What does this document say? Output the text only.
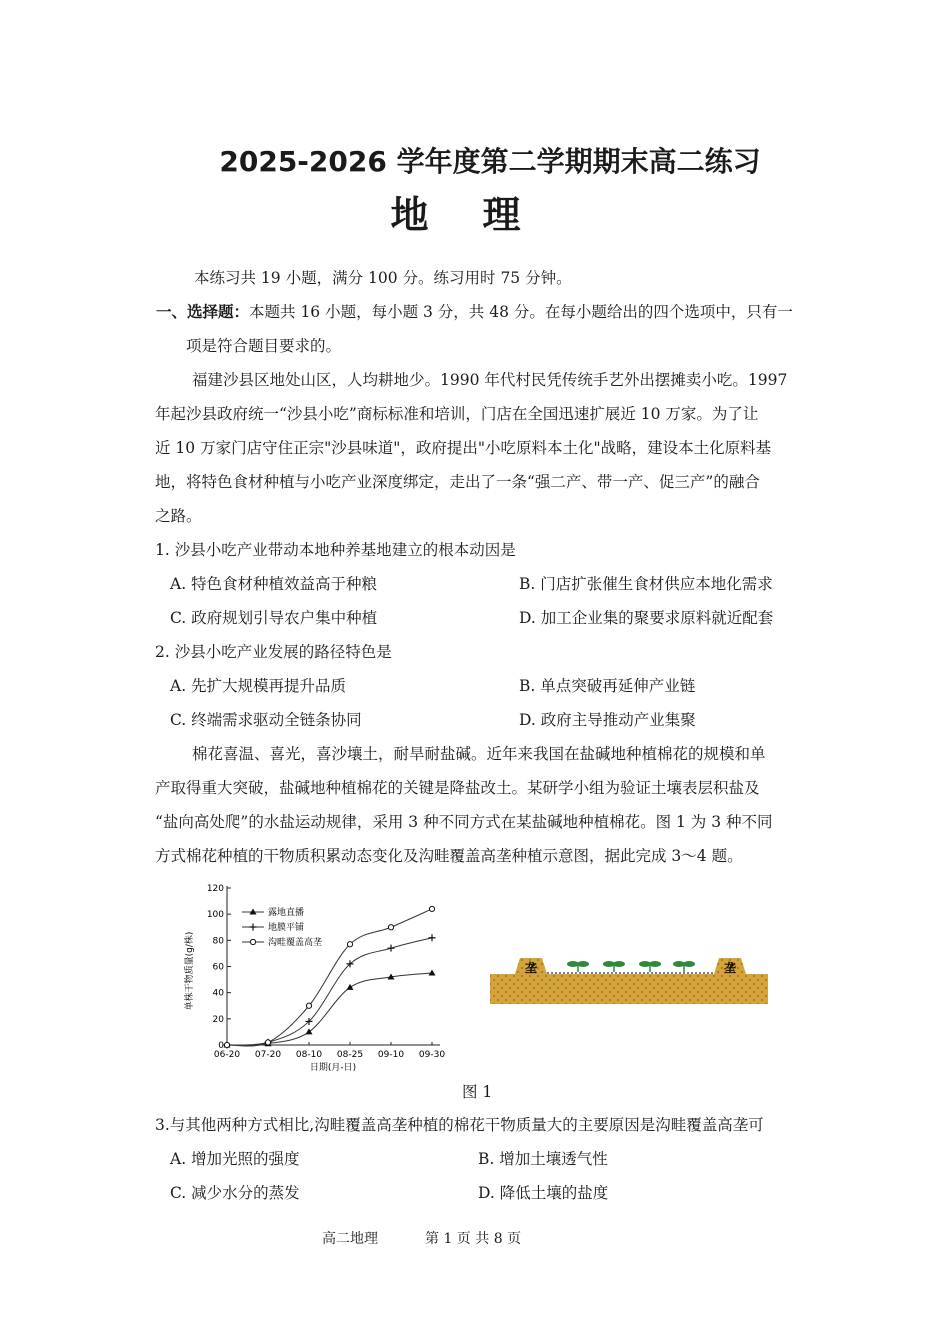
2025-2026 学年度第二学期期末高二练习
地理
本练习共 19 小题，满分 100 分。练习用时 75 分钟。
一、选择题：本题共 16 小题，每小题 3 分，共 48 分。在每小题给出的四个选项中，只有一
项是符合题目要求的。
福建沙县区地处山区，人均耕地少。1990 年代村民凭传统手艺外出摆摊卖小吃。1997
年起沙县政府统一“沙县小吃”商标标准和培训，门店在全国迅速扩展近 10 万家。为了让
近 10 万家门店守住正宗"沙县味道"，政府提出"小吃原料本土化"战略，建设本土化原料基
地，将特色食材种植与小吃产业深度绑定，走出了一条“强二产、带一产、促三产”的融合
之路。
1. 沙县小吃产业带动本地种养基地建立的根本动因是
A. 特色食材种植效益高于种粮	B. 门店扩张催生食材供应本地化需求
C. 政府规划引导农户集中种植	D. 加工企业集的聚要求原料就近配套
2. 沙县小吃产业发展的路径特色是
A. 先扩大规模再提升品质	B. 单点突破再延伸产业链
C. 终端需求驱动全链条协同	D. 政府主导推动产业集聚
棉花喜温、喜光，喜沙壤土，耐旱耐盐碱。近年来我国在盐碱地种植棉花的规模和单
产取得重大突破，盐碱地种植棉花的关键是降盐改土。某研学小组为验证土壤表层积盐及
“盐向高处爬”的水盐运动规律，采用 3 种不同方式在某盐碱地种植棉花。图 1 为 3 种不同
方式棉花种植的干物质积累动态变化及沟畦覆盖高垄种植示意图，据此完成 3～4 题。
0
20
40
60
80
100
120
06-20 07-20 08-10 08-25 09-10 09-30
露地直播
地膜平铺
沟畦覆盖高垄
单株干物质量(g/株)
日期(月-日)
垄	垄
图 1
3.与其他两种方式相比,沟畦覆盖高垄种植的棉花干物质量大的主要原因是沟畦覆盖高垄可
A. 增加光照的强度	B. 增加土壤透气性
C. 减少水分的蒸发	D. 降低土壤的盐度
高二地理	第 1 页 共 8 页
